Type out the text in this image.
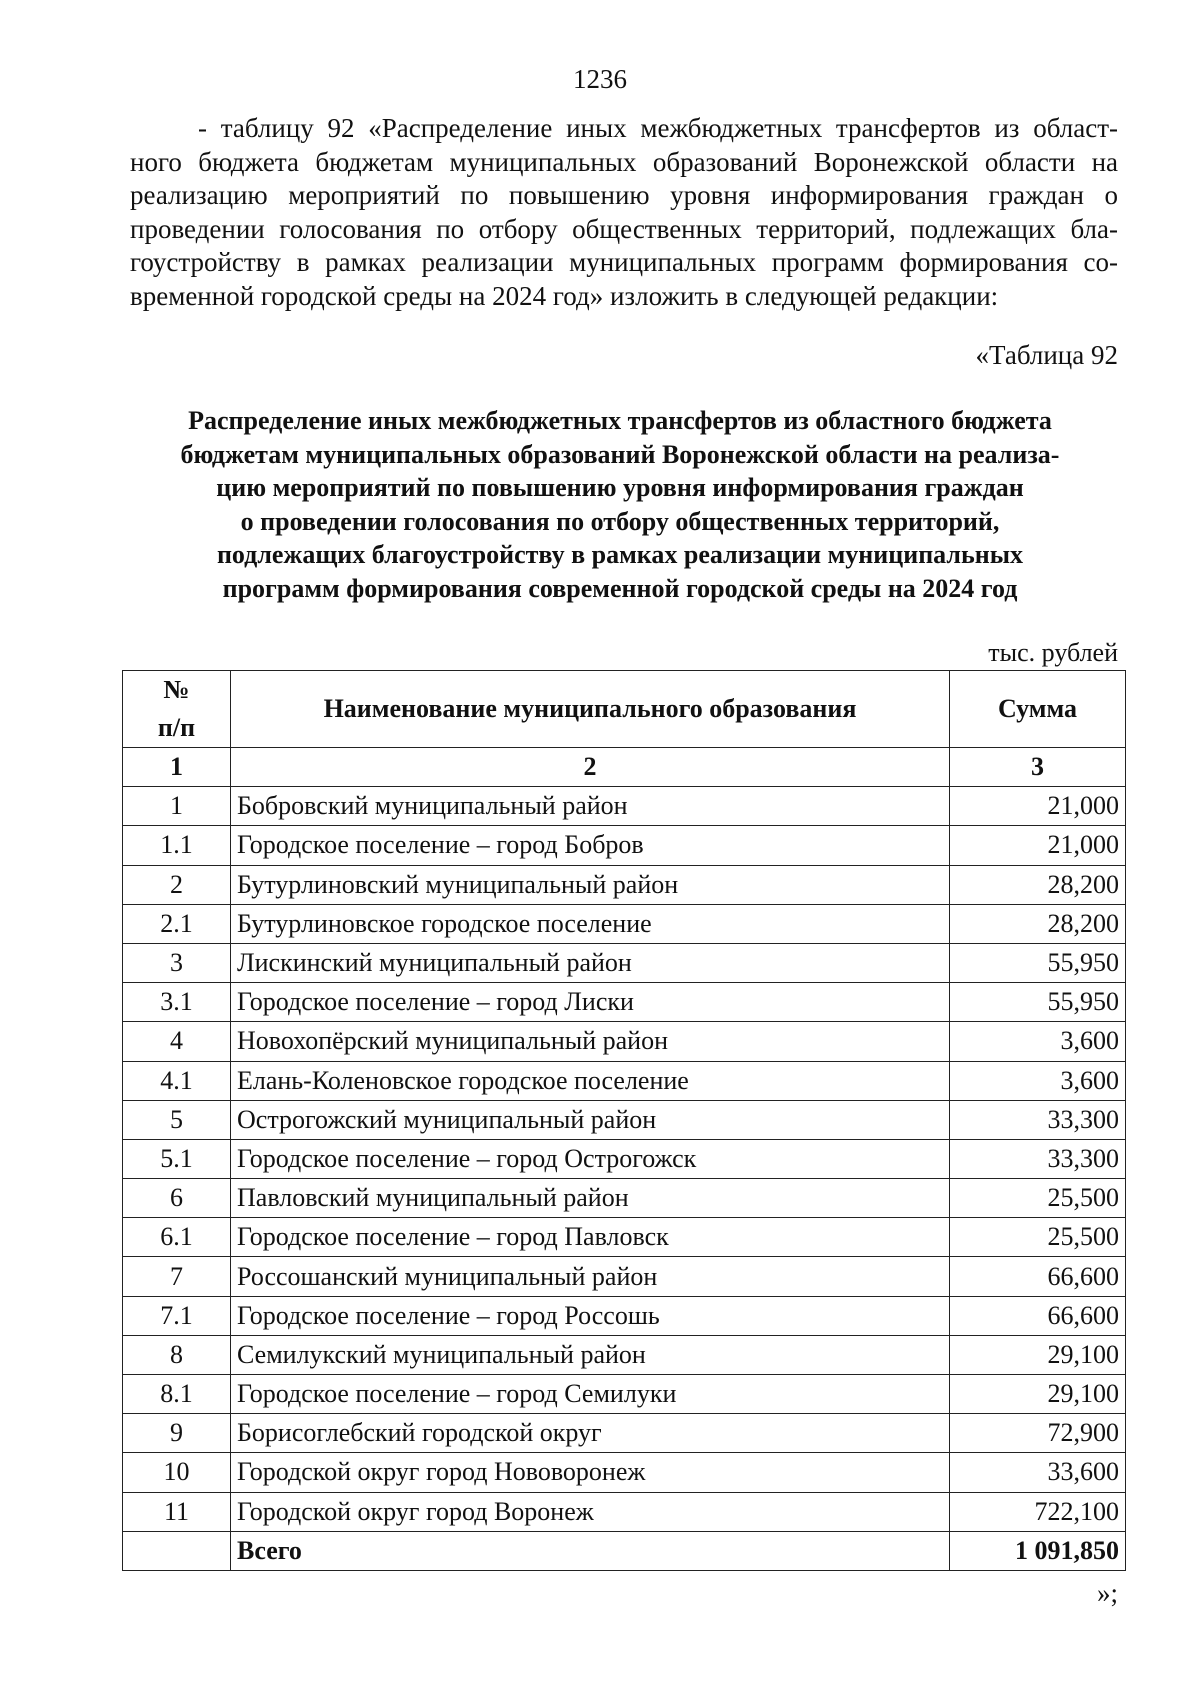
1236

- таблицу 92 «Распределение иных межбюджетных трансфертов из област-
ного бюджета бюджетам муниципальных образований Воронежской области на
реализацию мероприятий по повышению уровня информирования граждан о
проведении голосования по отбору общественных территорий, подлежащих бла-
гоустройству в рамках реализации муниципальных программ формирования со-
временной городской среды на 2024 год» изложить в следующей редакции:

«Таблица 92
Распределение иных межбюджетных трансфертов из областного бюджета
бюджетам муниципальных образований Воронежской области на реализа-
цию мероприятий по повышению уровня информирования граждан
о проведении голосования по отбору общественных территорий,
подлежащих благоустройству в рамках реализации муниципальных
программ формирования современной городской среды на 2024 год
тыс. рублей
№
п/п	Наименование муниципального образования	Сумма
1	2	3
1	Бобровский муниципальный район	21,000
1.1	Городское поселение – город Бобров	21,000
2	Бутурлиновский муниципальный район	28,200
2.1	Бутурлиновское городское поселение	28,200
3	Лискинский муниципальный район	55,950
3.1	Городское поселение – город Лиски	55,950
4	Новохопёрский муниципальный район	3,600
4.1	Елань-Коленовское городское поселение	3,600
5	Острогожский муниципальный район	33,300
5.1	Городское поселение – город Острогожск	33,300
6	Павловский муниципальный район	25,500
6.1	Городское поселение – город Павловск	25,500
7	Россошанский муниципальный район	66,600
7.1	Городское поселение – город Россошь	66,600
8	Семилукский муниципальный район	29,100
8.1	Городское поселение – город Семилуки	29,100
9	Борисоглебский городской округ	72,900
10	Городской округ город Нововоронеж	33,600
11	Городской округ город Воронеж	722,100
	Всего	1 091,850
»;
